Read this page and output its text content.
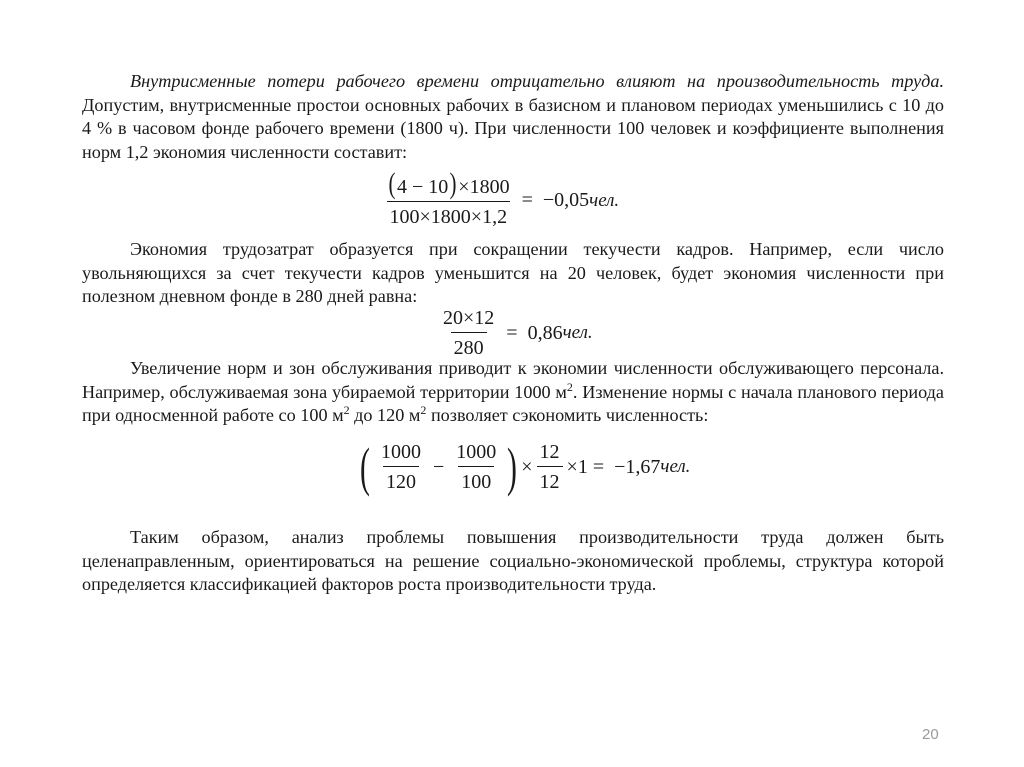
Внутрисменные потери рабочего времени отрицательно влияют на производительность труда. Допустим, внутрисменные простои основных рабочих в базисном и плановом периодах уменьшились с 10 до 4 % в часовом фонде рабочего времени (1800 ч). При численности 100 человек и коэффициенте выполнения норм 1,2 экономия численности составит:
$\frac{(4 - 10)\times 1800}{100\times 1800\times 1,2} = -0,05$ чел.
Экономия трудозатрат образуется при сокращении текучести кадров. Например, если число увольняющихся за счет текучести кадров уменьшится на 20 человек, будет экономия численности при полезном дневном фонде в 280 дней равна:
$\frac{20\times 12}{280} = 0,86$ чел.
Увеличение норм и зон обслуживания приводит к экономии численности обслуживающего персонала. Например, обслуживаемая зона убираемой территории 1000 $м^2$. Изменение нормы с начала планового периода при односменной работе со 100 $м^2$ до 120 $м^2$ позволяет сэкономить численность:
( $\frac{1000}{120} - \frac{1000}{100}$ ) × $\frac{12}{12} \times 1 = -1,67$ чел.
Таким образом, анализ проблемы повышения производительности труда должен быть целенаправленным, ориентироваться на решение социально-экономической проблемы, структура которой определяется классификацией факторов роста производительности труда.
20
